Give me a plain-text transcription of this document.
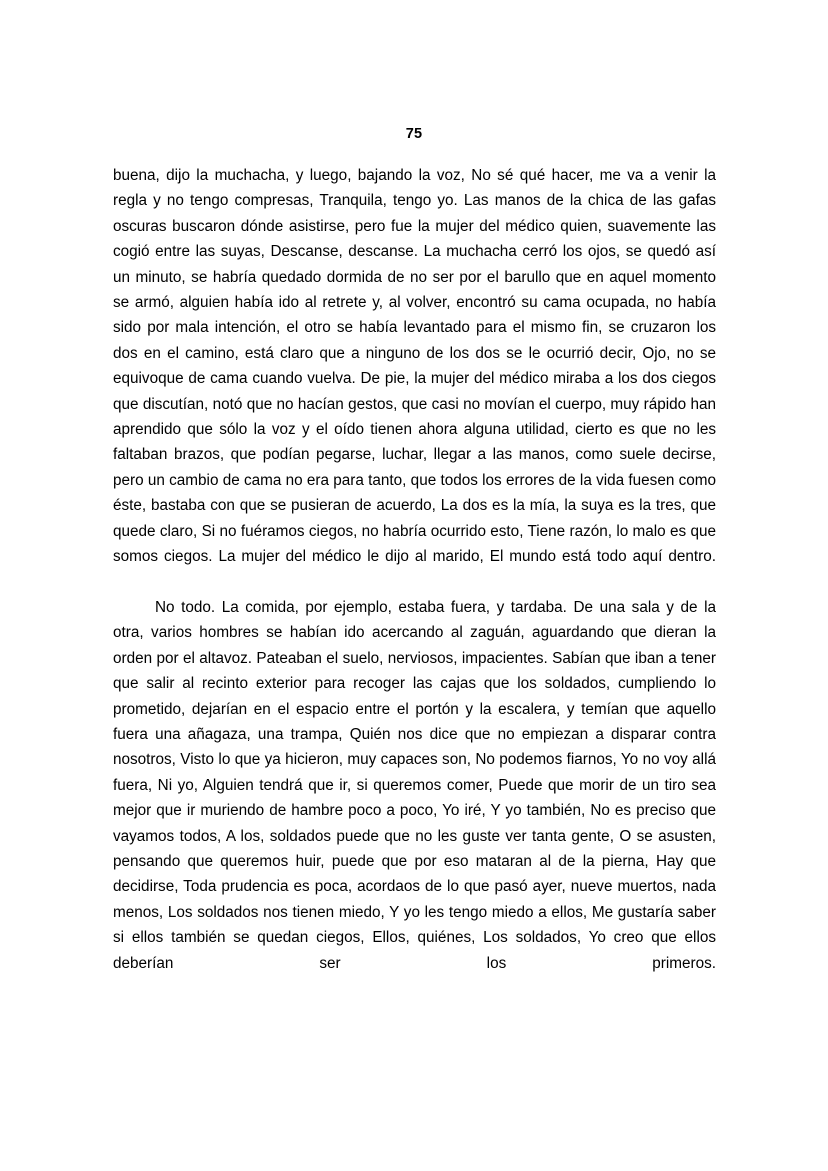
75

buena, dijo la muchacha, y luego, bajando la voz, No sé qué hacer, me va a venir la regla y no tengo compresas, Tranquila, tengo yo. Las manos de la chica de las gafas oscuras buscaron dónde asistirse, pero fue la mujer del médico quien, suavemente las cogió entre las suyas, Descanse, descanse. La muchacha cerró los ojos, se quedó así un minuto, se habría quedado dormida de no ser por el barullo que en aquel momento se armó, alguien había ido al retrete y, al volver, encontró su cama ocupada, no había sido por mala intención, el otro se había levantado para el mismo fin, se cruzaron los dos en el camino, está claro que a ninguno de los dos se le ocurrió decir, Ojo, no se equivoque de cama cuando vuelva. De pie, la mujer del médico miraba a los dos ciegos que discutían, notó que no hacían gestos, que casi no movían el cuerpo, muy rápido han aprendido que sólo la voz y el oído tienen ahora alguna utilidad, cierto es que no les faltaban brazos, que podían pegarse, luchar, llegar a las manos, como suele decirse, pero un cambio de cama no era para tanto, que todos los errores de la vida fuesen como éste, bastaba con que se pusieran de acuerdo, La dos es la mía, la suya es la tres, que quede claro, Si no fuéramos ciegos, no habría ocurrido esto, Tiene razón, lo malo es que somos ciegos. La mujer del médico le dijo al marido, El mundo está todo aquí dentro.

No todo. La comida, por ejemplo, estaba fuera, y tardaba. De una sala y de la otra, varios hombres se habían ido acercando al zaguán, aguardando que dieran la orden por el altavoz. Pateaban el suelo, nerviosos, impacientes. Sabían que iban a tener que salir al recinto exterior para recoger las cajas que los soldados, cumpliendo lo prometido, dejarían en el espacio entre el portón y la escalera, y temían que aquello fuera una añagaza, una trampa, Quién nos dice que no empiezan a disparar contra nosotros, Visto lo que ya hicieron, muy capaces son, No podemos fiarnos, Yo no voy allá fuera, Ni yo, Alguien tendrá que ir, si queremos comer, Puede que morir de un tiro sea mejor que ir muriendo de hambre poco a poco, Yo iré, Y yo también, No es preciso que vayamos todos, A los, soldados puede que no les guste ver tanta gente, O se asusten, pensando que queremos huir, puede que por eso mataran al de la pierna, Hay que decidirse, Toda prudencia es poca, acordaos de lo que pasó ayer, nueve muertos, nada menos, Los soldados nos tienen miedo, Y yo les tengo miedo a ellos, Me gustaría saber si ellos también se quedan ciegos, Ellos, quiénes, Los soldados, Yo creo que ellos deberían ser los primeros.
